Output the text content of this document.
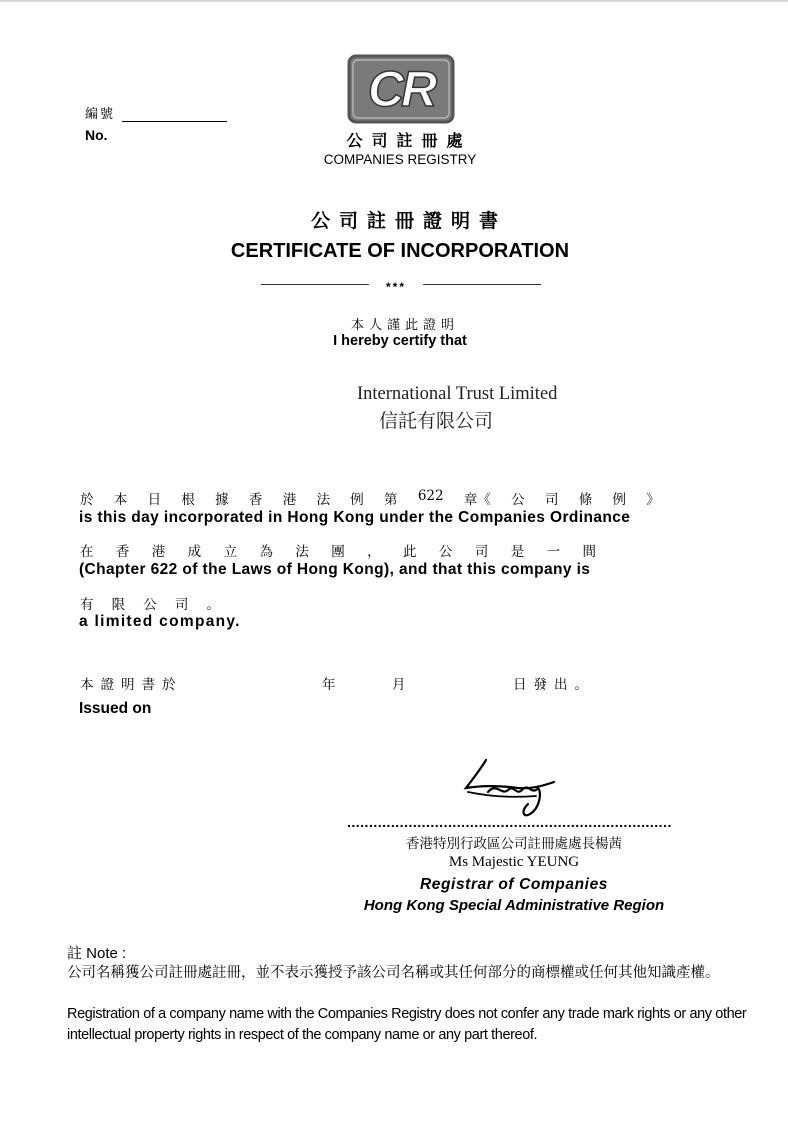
編號
No.
CR
公司註冊處
COMPANIES REGISTRY
公司註冊證明書
CERTIFICATE OF INCORPORATION
***
本人謹此證明
I hereby certify that
International Trust Limited
信託有限公司
於 本 日 根 據 香 港 法 例 第 622 章《 公 司 條 例 》
is this day incorporated in Hong Kong under the Companies Ordinance
在 香 港 成 立 為 法 團 ， 此 公 司 是 一 間
(Chapter 622 of the Laws of Hong Kong), and that this company is
有 限 公 司 。
a limited company.
本證明書於	年	月	日發出。
Issued on
..........................................................................
香港特別行政區公司註冊處處長楊茜
Ms Majestic YEUNG
Registrar of Companies
Hong Kong Special Administrative Region
註 Note :
公司名稱獲公司註冊處註冊，並不表示獲授予該公司名稱或其任何部分的商標權或任何其他知識產權。
Registration of a company name with the Companies Registry does not confer any trade mark rights or any other intellectual property rights in respect of the company name or any part thereof.
